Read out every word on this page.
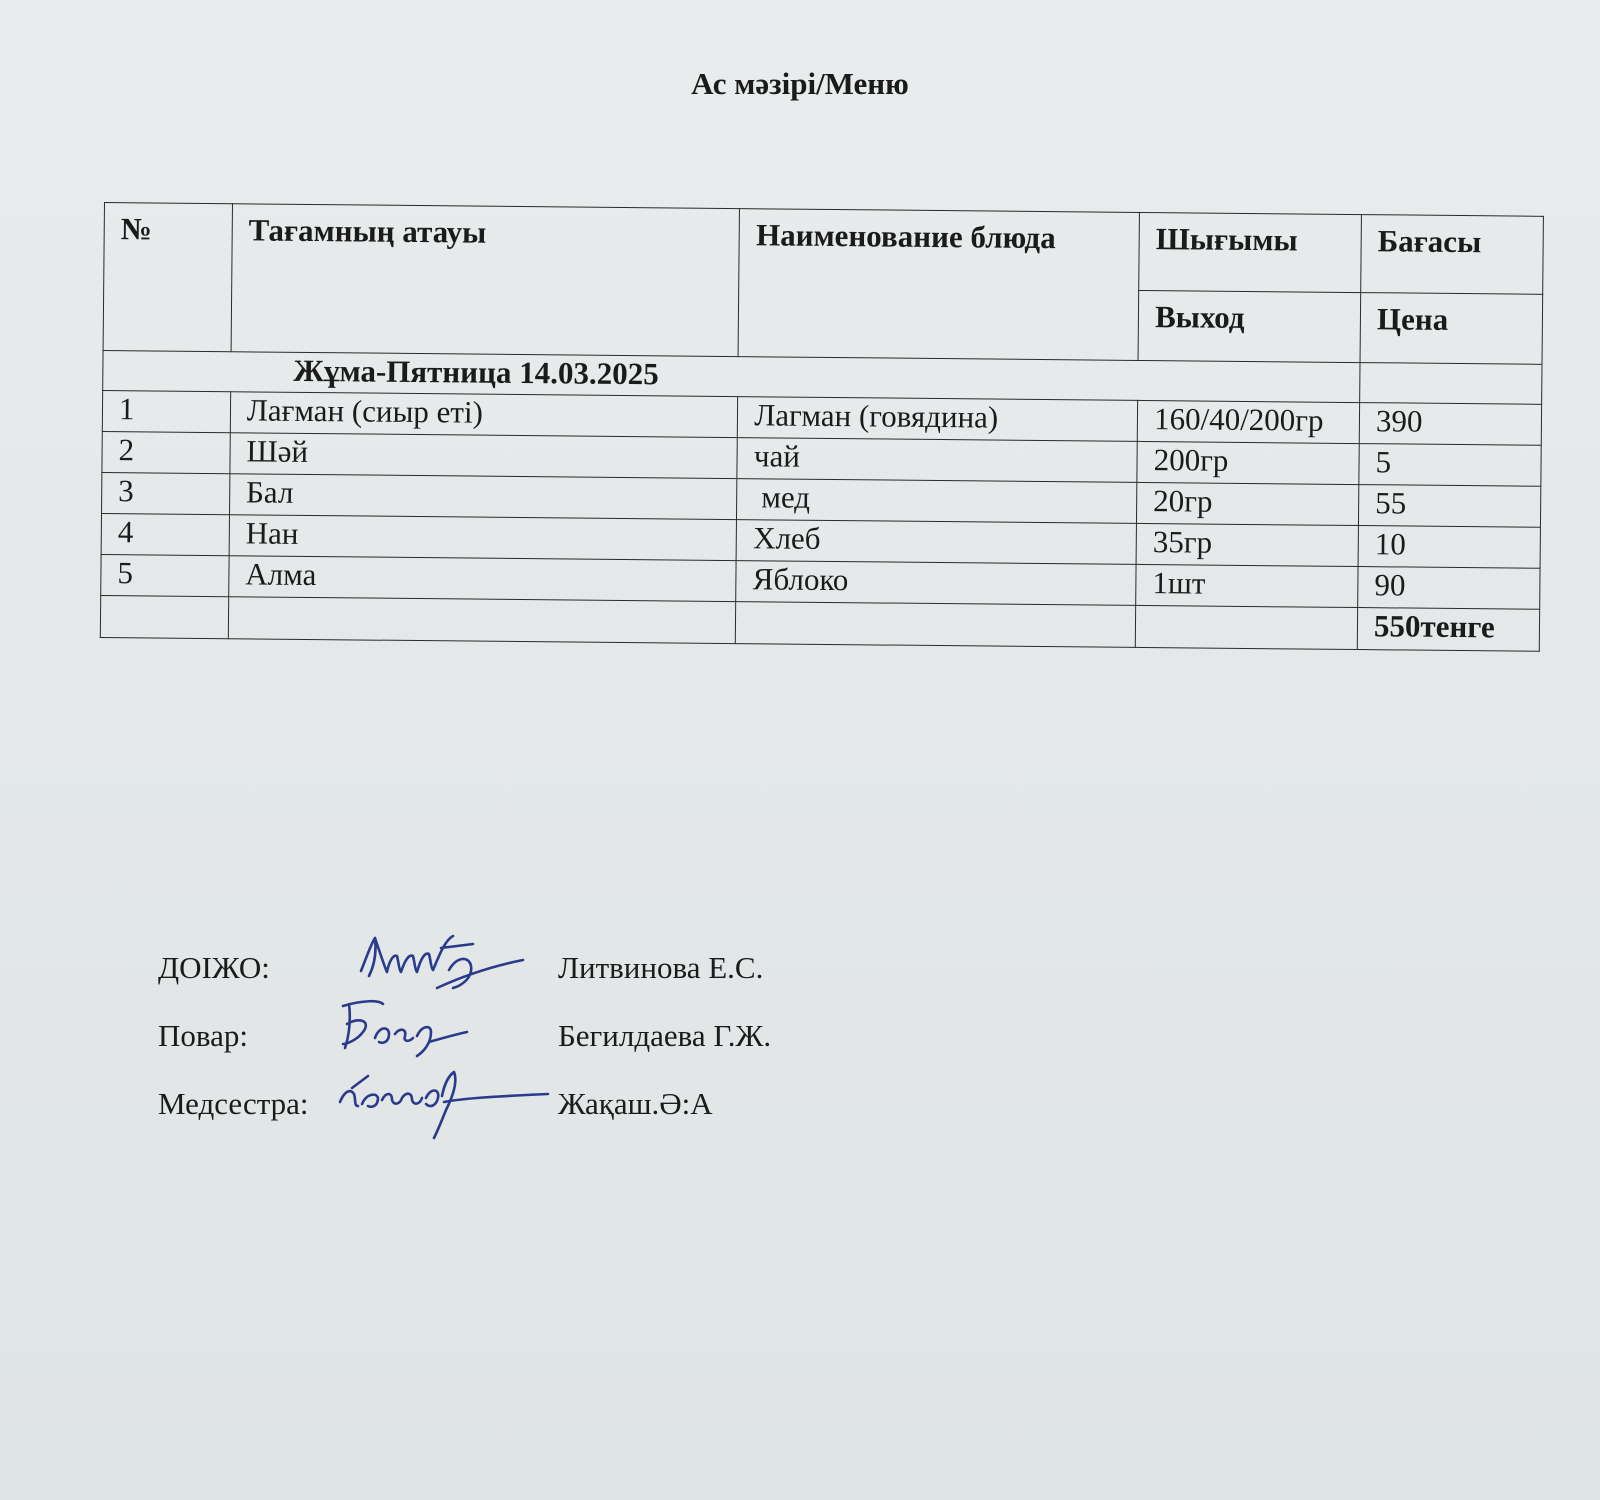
Ас мәзірі/Меню
№	Тағамның атауы	Наименование блюда	Шығымы	Бағасы
			Выход	Цена
Жұма-Пятница 14.03.2025				
1	Лағман (сиыр еті)	Лагман (говядина)	160/40/200гр	390
2	Шәй	чай	200гр	5
3	Бал	мед	20гр	55
4	Нан	Хлеб	35гр	10
5	Алма	Яблоко	1шт	90
				550тенге
ДОІЖО:	Литвинова Е.С.
Повар:	Бегилдаева Г.Ж.
Медсестра:	Жақаш.Ә:А
